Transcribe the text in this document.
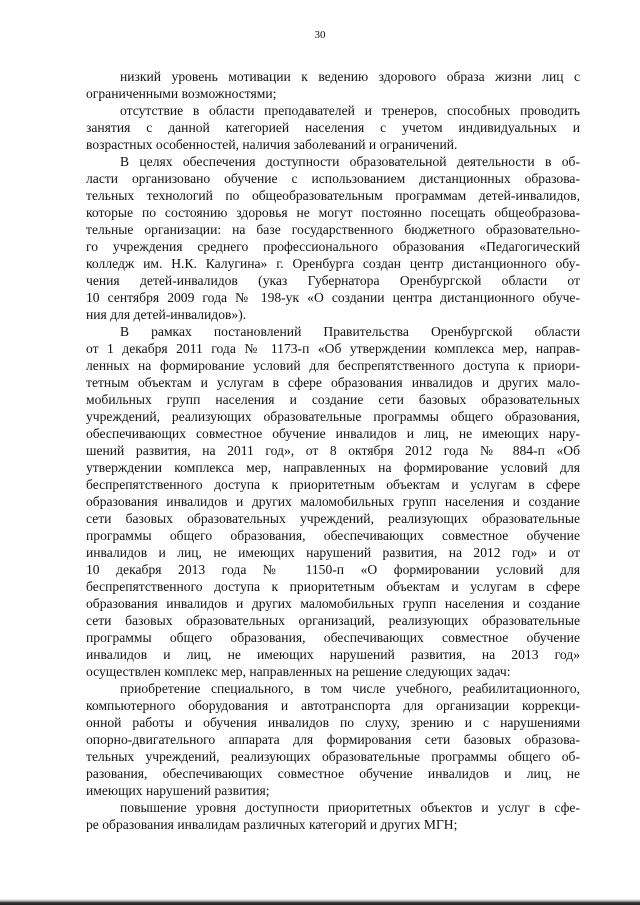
30
низкий уровень мотивации к ведению здорового образа жизни лиц с
ограниченными возможностями;
отсутствие в области преподавателей и тренеров, способных проводить
занятия с данной категорией населения с учетом индивидуальных и
возрастных особенностей, наличия заболеваний и ограничений.
В целях обеспечения доступности образовательной деятельности в об-
ласти организовано обучение с использованием дистанционных образова-
тельных технологий по общеобразовательным программам детей-инвалидов,
которые по состоянию здоровья не могут постоянно посещать общеобразова-
тельные организации: на базе государственного бюджетного образовательно-
го учреждения среднего профессионального образования «Педагогический
колледж им. Н.К. Калугина» г. Оренбурга создан центр дистанционного обу-
чения детей-инвалидов (указ Губернатора Оренбургской области от
10 сентября 2009 года № 198-ук «О создании центра дистанционного обуче-
ния для детей-инвалидов»).
В рамках постановлений Правительства Оренбургской области
от 1 декабря 2011 года № 1173-п «Об утверждении комплекса мер, направ-
ленных на формирование условий для беспрепятственного доступа к приори-
тетным объектам и услугам в сфере образования инвалидов и других мало-
мобильных групп населения и создание сети базовых образовательных
учреждений, реализующих образовательные программы общего образования,
обеспечивающих совместное обучение инвалидов и лиц, не имеющих нару-
шений развития, на 2011 год», от 8 октября 2012 года № 884-п «Об
утверждении комплекса мер, направленных на формирование условий для
беспрепятственного доступа к приоритетным объектам и услугам в сфере
образования инвалидов и других маломобильных групп населения и создание
сети базовых образовательных учреждений, реализующих образовательные
программы общего образования, обеспечивающих совместное обучение
инвалидов и лиц, не имеющих нарушений развития, на 2012 год» и от
10 декабря 2013 года № 1150-п «О формировании условий для
беспрепятственного доступа к приоритетным объектам и услугам в сфере
образования инвалидов и других маломобильных групп населения и создание
сети базовых образовательных организаций, реализующих образовательные
программы общего образования, обеспечивающих совместное обучение
инвалидов и лиц, не имеющих нарушений развития, на 2013 год»
осуществлен комплекс мер, направленных на решение следующих задач:
приобретение специального, в том числе учебного, реабилитационного,
компьютерного оборудования и автотранспорта для организации коррекци-
онной работы и обучения инвалидов по слуху, зрению и с нарушениями
опорно-двигательного аппарата для формирования сети базовых образова-
тельных учреждений, реализующих образовательные программы общего об-
разования, обеспечивающих совместное обучение инвалидов и лиц, не
имеющих нарушений развития;
повышение уровня доступности приоритетных объектов и услуг в сфе-
ре образования инвалидам различных категорий и других МГН;
